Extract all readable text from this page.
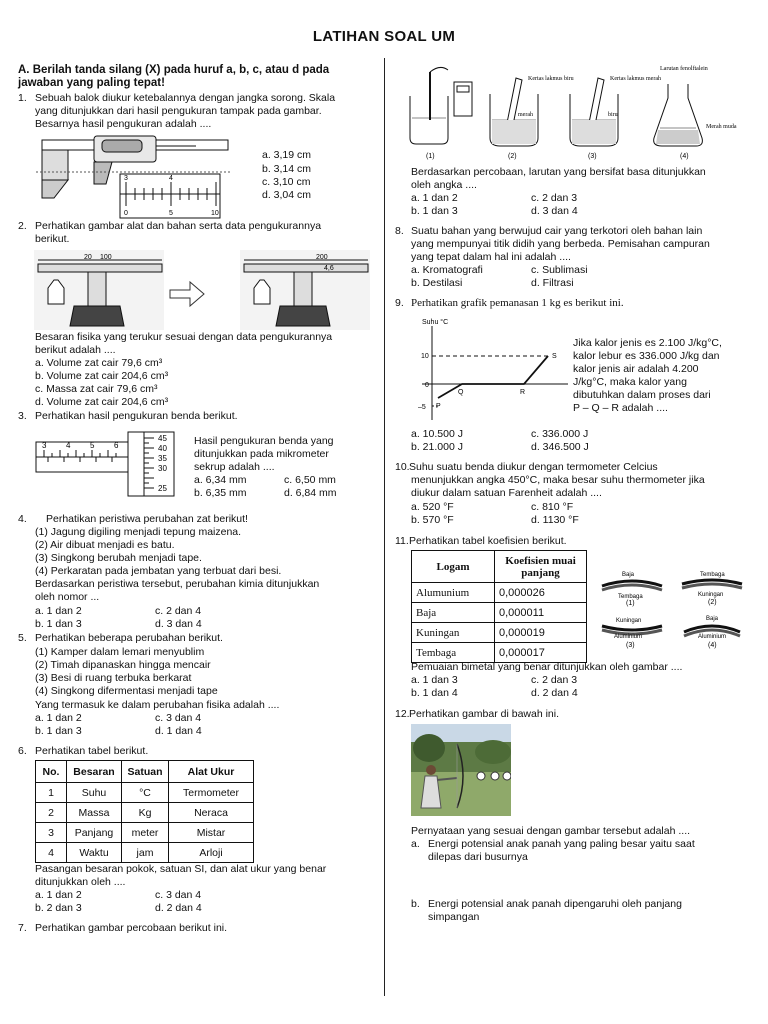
LATIHAN SOAL UM
A. Berilah tanda silang (X) pada huruf a, b, c, atau d pada
jawaban yang paling tepat!
1. Sebuah balok diukur ketebalannya dengan jangka sorong. Skala
yang ditunjukkan dari hasil pengukuran tampak pada gambar.
Besarnya hasil pengukuran adalah ....
3	4
0	5	10
a. 3,19 cm
b. 3,14 cm
c. 3,10 cm
d. 3,04 cm
2. Perhatikan gambar alat dan bahan serta data pengukurannya
berikut.
20 100	200
4,6
Besaran fisika yang terukur sesuai dengan data pengukurannya
berikut adalah ....
a. Volume zat cair 79,6 cm³
b. Volume zat cair 204,6 cm³
c. Massa zat cair 79,6 cm³
d. Volume zat cair 204,6 cm³
3. Perhatikan hasil pengukuran benda berikut.
3 4 5 6
45
40
35
30
25
Hasil pengukuran benda yang
ditunjukkan pada mikrometer
sekrup adalah ....
a. 6,34 mm	c. 6,50 mm
b. 6,35 mm	d. 6,84 mm
4. Perhatikan peristiwa perubahan zat berikut!
(1) Jagung digiling menjadi tepung maizena.
(2) Air dibuat menjadi es batu.
(3) Singkong berubah menjadi tape.
(4) Perkaratan pada jembatan yang terbuat dari besi.
Berdasarkan peristiwa tersebut, perubahan kimia ditunjukkan
oleh nomor ...
a. 1 dan 2	c. 2 dan 4
b. 1 dan 3	d. 3 dan 4
5. Perhatikan beberapa perubahan berikut.
(1) Kamper dalam lemari menyublim
(2) Timah dipanaskan hingga mencair
(3) Besi di ruang terbuka berkarat
(4) Singkong difermentasi menjadi tape
Yang termasuk ke dalam perubahan fisika adalah ....
a. 1 dan 2	c. 3 dan 4
b. 1 dan 3	d. 1 dan 4
6. Perhatikan tabel berikut.
No.	Besaran	Satuan	Alat Ukur
1	Suhu	°C	Termometer
2	Massa	Kg	Neraca
3	Panjang	meter	Mistar
4	Waktu	jam	Arloji
Pasangan besaran pokok, satuan SI, dan alat ukur yang benar
ditunjukkan oleh ....
a. 1 dan 2	c. 3 dan 4
b. 2 dan 3	d. 2 dan 4
7. Perhatikan gambar percobaan berikut ini.
Kertas lakmus biru	Kertas lakmus merah
merah	biru
Larutan fenolftalein
Merah muda
(1)	(2)	(3)	(4)
Berdasarkan percobaan, larutan yang bersifat basa ditunjukkan
oleh angka ....
a. 1 dan 2	c. 2 dan 3
b. 1 dan 3	d. 3 dan 4
8. Suatu bahan yang berwujud cair yang terkotori oleh bahan lain
yang mempunyai titik didih yang berbeda. Pemisahan campuran
yang tepat dalam hal ini adalah ....
a. Kromatografi	c. Sublimasi
b. Destilasi	d. Filtrasi
9. Perhatikan grafik pemanasan 1 kg es berikut ini.
Suhu °C
10
0
–5 P
Q	R
S
Jika kalor jenis es 2.100 J/kg°C,
kalor lebur es 336.000 J/kg dan
kalor jenis air adalah 4.200
J/kg°C, maka kalor yang
dibutuhkan dalam proses dari
P – Q – R adalah ....
a. 10.500 J	c. 336.000 J
b. 21.000 J	d. 346.500 J
10. Suhu suatu benda diukur dengan termometer Celcius
menunjukkan angka 450°C, maka besar suhu thermometer jika
diukur dalam satuan Farenheit adalah ....
a. 520 °F	c. 810 °F
b. 570 °F	d. 1130 °F
11. Perhatikan tabel koefisien berikut.
Logam	Koefisien muai panjang
Alumunium	0,000026
Baja	0,000011
Kuningan	0,000019
Tembaga	0,000017
Baja
Tembaga
(1)
Tembaga
Kuningan
(2)
Kuningan
Aluminium
(3)
Baja
Aluminium
(4)
Pemuaian bimetal yang benar ditunjukkan oleh gambar ....
a. 1 dan 3	c. 2 dan 3
b. 1 dan 4	d. 2 dan 4
12. Perhatikan gambar di bawah ini.
Pernyataan yang sesuai dengan gambar tersebut adalah ....
a. Energi potensial anak panah yang paling besar yaitu saat
dilepas dari busurnya
b. Energi potensial anak panah dipengaruhi oleh panjang
simpangan
